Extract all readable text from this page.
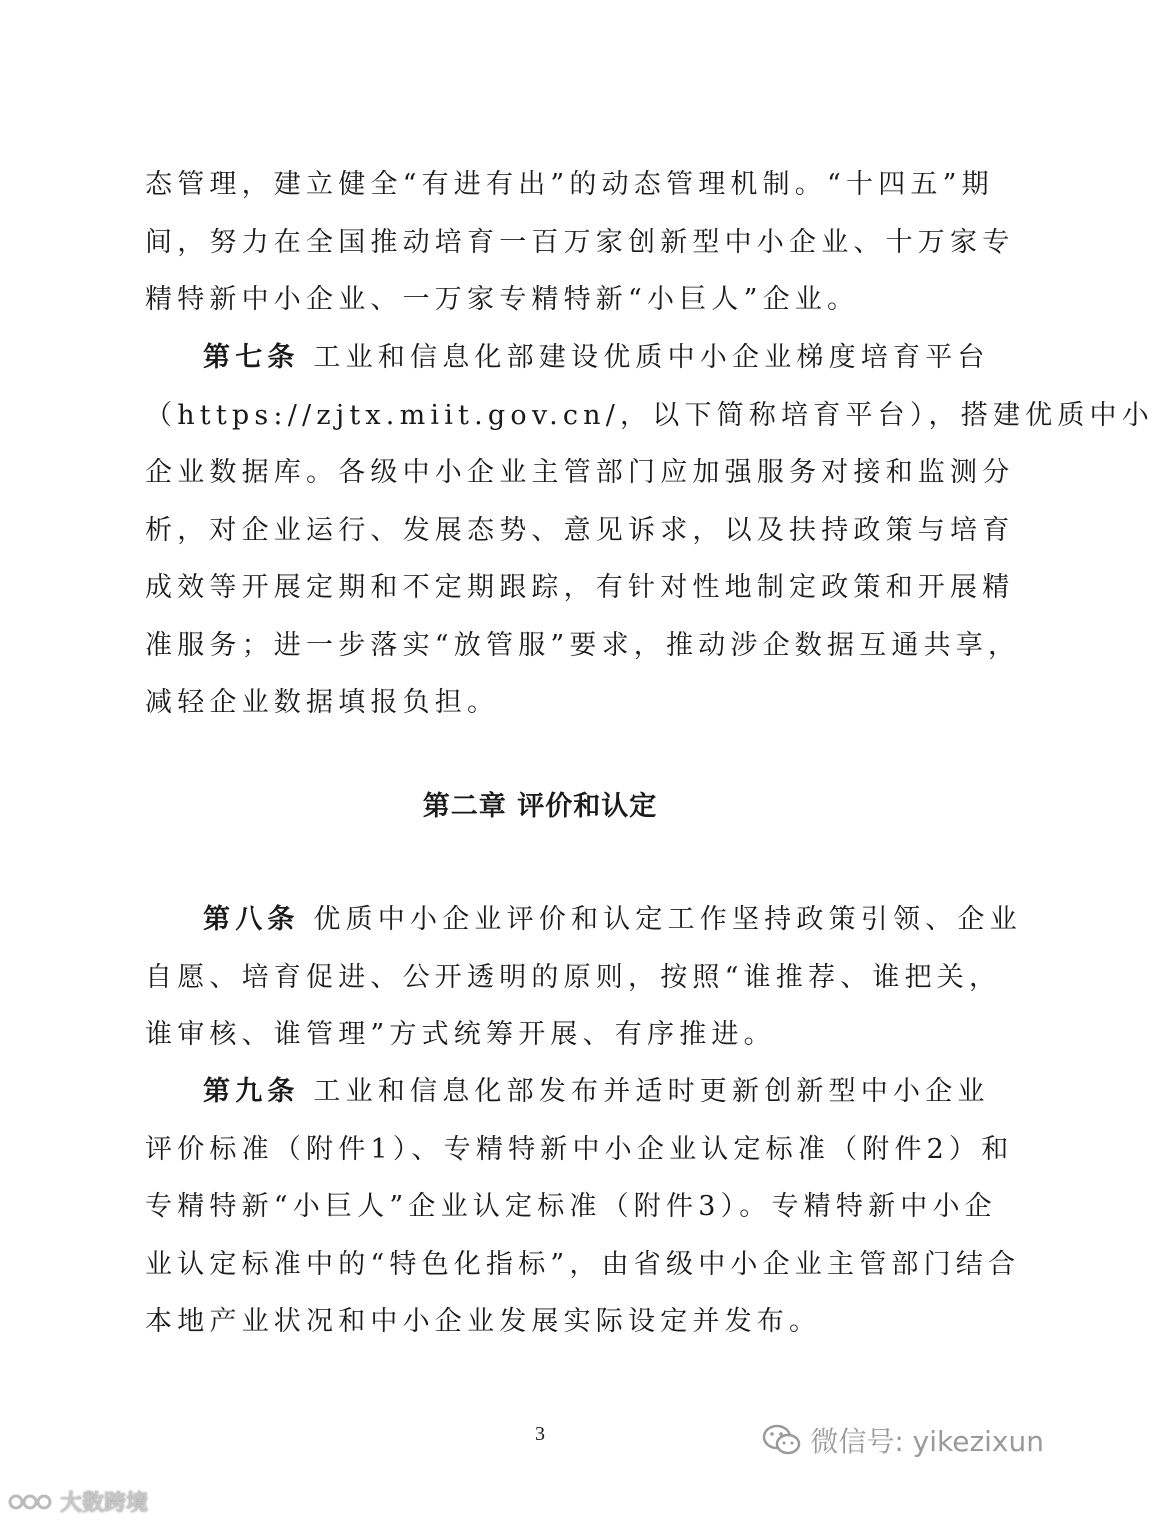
态管理，建立健全“有进有出”的动态管理机制。“十四五”期
间，努力在全国推动培育一百万家创新型中小企业、十万家专
精特新中小企业、一万家专精特新“小巨人”企业。

第七条 工业和信息化部建设优质中小企业梯度培育平台
（https://zjtx.miit.gov.cn/，以下简称培育平台），搭建优质中小
企业数据库。各级中小企业主管部门应加强服务对接和监测分
析，对企业运行、发展态势、意见诉求，以及扶持政策与培育
成效等开展定期和不定期跟踪，有针对性地制定政策和开展精
准服务；进一步落实“放管服”要求，推动涉企数据互通共享，
减轻企业数据填报负担。

第二章 评价和认定

第八条 优质中小企业评价和认定工作坚持政策引领、企业
自愿、培育促进、公开透明的原则，按照“谁推荐、谁把关，
谁审核、谁管理”方式统筹开展、有序推进。

第九条 工业和信息化部发布并适时更新创新型中小企业
评价标准（附件1）、专精特新中小企业认定标准（附件2）和
专精特新“小巨人”企业认定标准（附件3）。专精特新中小企
业认定标准中的“特色化指标”，由省级中小企业主管部门结合
本地产业状况和中小企业发展实际设定并发布。

3	微信号: yikezixun
大数跨境
